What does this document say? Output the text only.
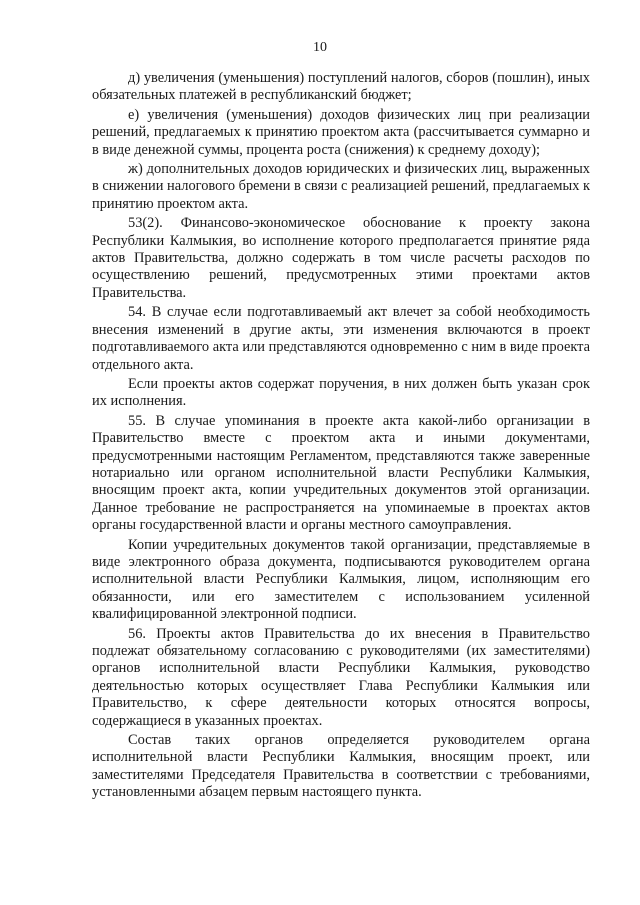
10

д) увеличения (уменьшения) поступлений налогов, сборов (пошлин), иных обязательных платежей в республиканский бюджет;

е) увеличения (уменьшения) доходов физических лиц при реализации решений, предлагаемых к принятию проектом акта (рассчитывается суммарно и в виде денежной суммы, процента роста (снижения) к среднему доходу);

ж) дополнительных доходов юридических и физических лиц, выраженных в снижении налогового бремени в связи с реализацией решений, предлагаемых к принятию проектом акта.

53(2). Финансово-экономическое обоснование к проекту закона Республики Калмыкия, во исполнение которого предполагается принятие ряда актов Правительства, должно содержать в том числе расчеты расходов по осуществлению решений, предусмотренных этими проектами актов Правительства.

54. В случае если подготавливаемый акт влечет за собой необходимость внесения изменений в другие акты, эти изменения включаются в проект подготавливаемого акта или представляются одновременно с ним в виде проекта отдельного акта.

Если проекты актов содержат поручения, в них должен быть указан срок их исполнения.

55. В случае упоминания в проекте акта какой-либо организации в Правительство вместе с проектом акта и иными документами, предусмотренными настоящим Регламентом, представляются также заверенные нотариально или органом исполнительной власти Республики Калмыкия, вносящим проект акта, копии учредительных документов этой организации. Данное требование не распространяется на упоминаемые в проектах актов органы государственной власти и органы местного самоуправления.

Копии учредительных документов такой организации, представляемые в виде электронного образа документа, подписываются руководителем органа исполнительной власти Республики Калмыкия, лицом, исполняющим его обязанности, или его заместителем с использованием усиленной квалифицированной электронной подписи.

56. Проекты актов Правительства до их внесения в Правительство подлежат обязательному согласованию с руководителями (их заместителями) органов исполнительной власти Республики Калмыкия, руководство деятельностью которых осуществляет Глава Республики Калмыкия или Правительство, к сфере деятельности которых относятся вопросы, содержащиеся в указанных проектах.

Состав таких органов определяется руководителем органа исполнительной власти Республики Калмыкия, вносящим проект, или заместителями Председателя Правительства в соответствии с требованиями, установленными абзацем первым настоящего пункта.
